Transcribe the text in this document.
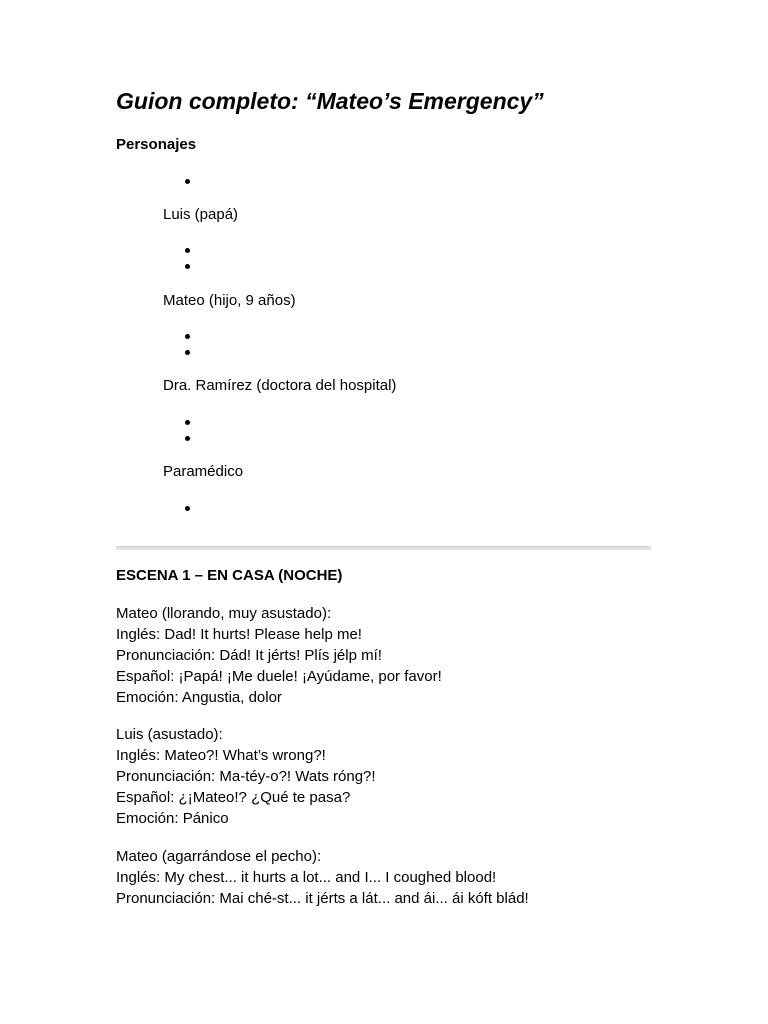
Guion completo: “Mateo’s Emergency”

Personajes

Luis (papá)

Mateo (hijo, 9 años)

Dra. Ramírez (doctora del hospital)

Paramédico

ESCENA 1 – EN CASA (NOCHE)

Mateo (llorando, muy asustado):

Inglés: Dad! It hurts! Please help me!

Pronunciación: Dád! It jérts! Plís jélp mí!

Español: ¡Papá! ¡Me duele! ¡Ayúdame, por favor!

Emoción: Angustia, dolor

Luis (asustado):

Inglés: Mateo?! What’s wrong?!

Pronunciación: Ma-téy-o?! Wats róng?!

Español: ¿¡Mateo!? ¿Qué te pasa?

Emoción: Pánico

Mateo (agarrándose el pecho):

Inglés: My chest... it hurts a lot... and I... I coughed blood!

Pronunciación: Mai ché-st... it jérts a lát... and ái... ái kóft blád!
